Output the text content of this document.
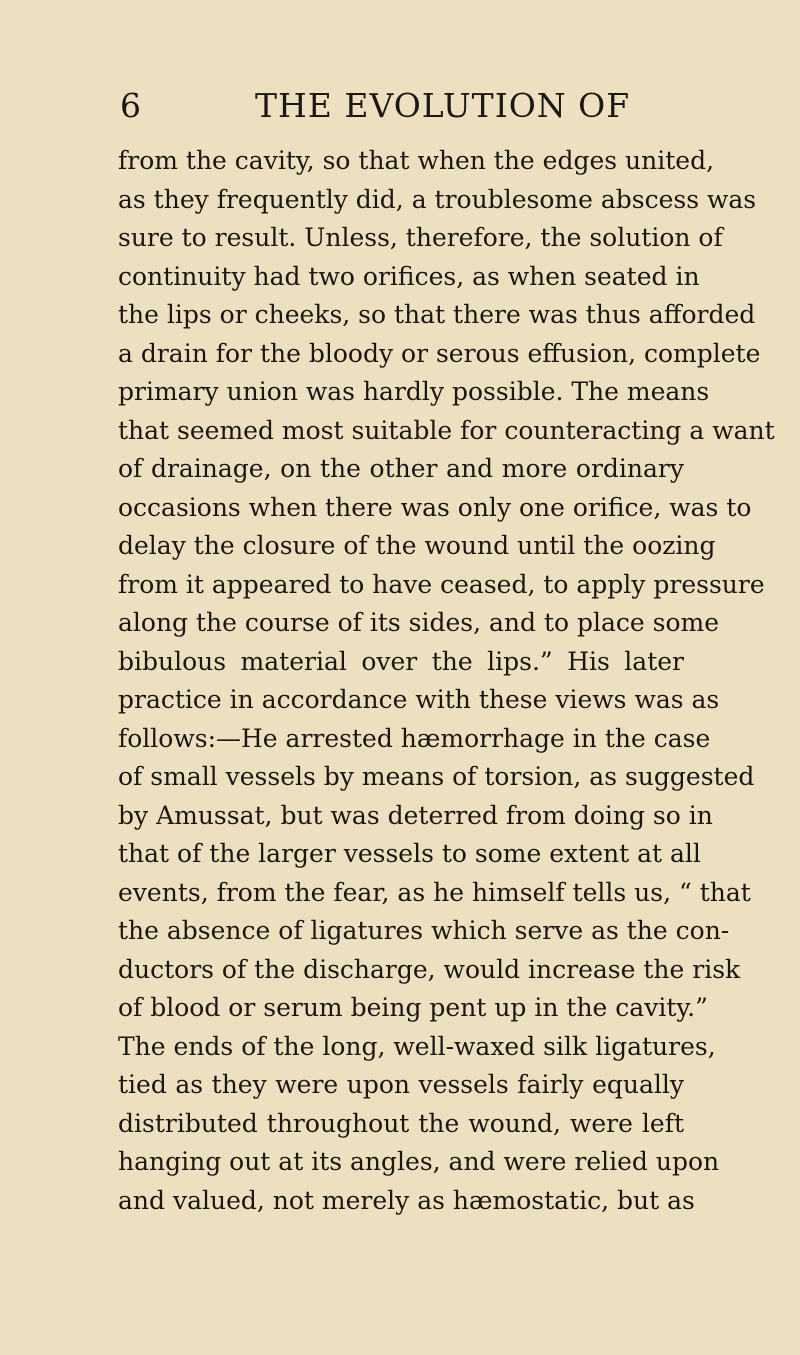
6	THE EVOLUTION OF
from the cavity, so that when the edges united,
as they frequently did, a troublesome abscess was
sure to result. Unless, therefore, the solution of
continuity had two orifices, as when seated in
the lips or cheeks, so that there was thus afforded
a drain for the bloody or serous effusion, complete
primary union was hardly possible. The means
that seemed most suitable for counteracting a want
of drainage, on the other and more ordinary
occasions when there was only one orifice, was to
delay the closure of the wound until the oozing
from it appeared to have ceased, to apply pressure
along the course of its sides, and to place some
bibulous material over the lips.” His later
practice in accordance with these views was as
follows:—He arrested hæmorrhage in the case
of small vessels by means of torsion, as suggested
by Amussat, but was deterred from doing so in
that of the larger vessels to some extent at all
events, from the fear, as he himself tells us, “ that
the absence of ligatures which serve as the con-
ductors of the discharge, would increase the risk
of blood or serum being pent up in the cavity.”
The ends of the long, well-waxed silk ligatures,
tied as they were upon vessels fairly equally
distributed throughout the wound, were left
hanging out at its angles, and were relied upon
and valued, not merely as hæmostatic, but as
